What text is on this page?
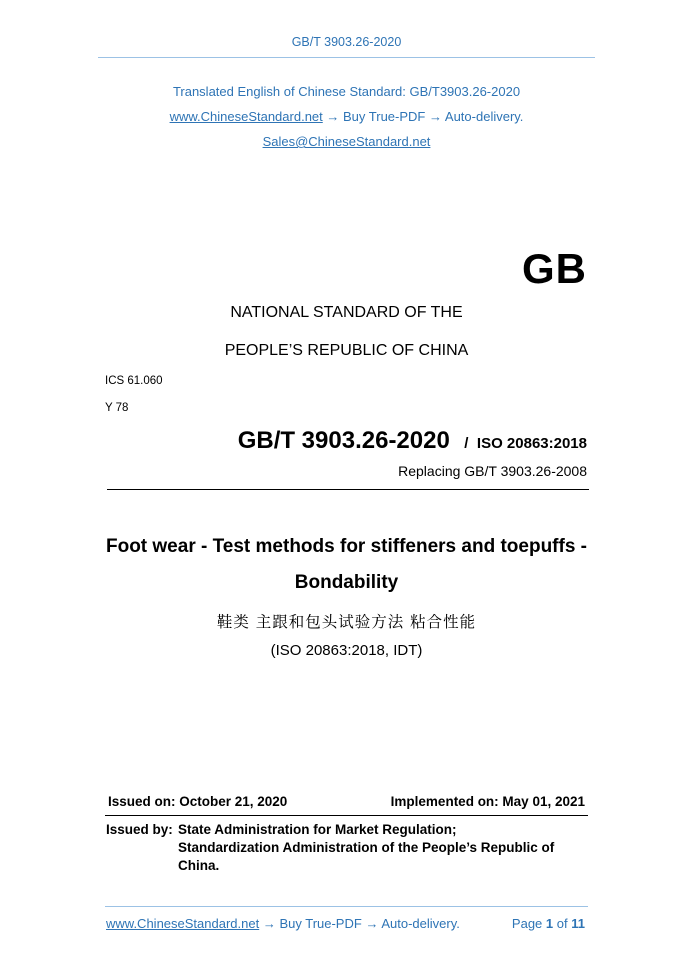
GB/T 3903.26-2020
Translated English of Chinese Standard: GB/T3903.26-2020
www.ChineseStandard.net → Buy True-PDF → Auto-delivery.
Sales@ChineseStandard.net
GB
NATIONAL STANDARD OF THE
PEOPLE’S REPUBLIC OF CHINA
ICS 61.060
Y 78
GB/T 3903.26-2020 / ISO 20863:2018
Replacing GB/T 3903.26-2008
Foot wear - Test methods for stiffeners and toepuffs -
Bondability
鞋类 主跟和包头试验方法 粘合性能
(ISO 20863:2018, IDT)
Issued on: October 21, 2020	Implemented on: May 01, 2021
Issued by: State Administration for Market Regulation;
Standardization Administration of the People’s Republic of
China.
www.ChineseStandard.net → Buy True-PDF → Auto-delivery.	Page 1 of 11
